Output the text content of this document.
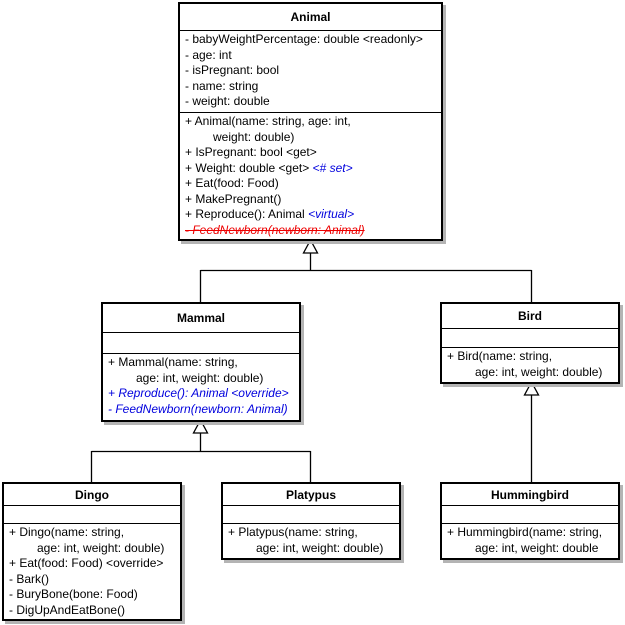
Animal
- babyWeightPercentage: double <readonly>
- age: int
- isPregnant: bool
- name: string
- weight: double
+ Animal(name: string, age: int,
weight: double)
+ IsPregnant: bool <get>
+ Weight: double <get> <# set>
+ Eat(food: Food)
+ MakePregnant()
+ Reproduce(): Animal <virtual>
- FeedNewborn(newborn: Animal)
Mammal
+ Mammal(name: string,
age: int, weight: double)
+ Reproduce(): Animal <override>
- FeedNewborn(newborn: Animal)
Bird
+ Bird(name: string,
age: int, weight: double)
Dingo
+ Dingo(name: string,
age: int, weight: double)
+ Eat(food: Food) <override>
- Bark()
- BuryBone(bone: Food)
- DigUpAndEatBone()
Platypus
+ Platypus(name: string,
age: int, weight: double)
Hummingbird
+ Hummingbird(name: string,
age: int, weight: double
